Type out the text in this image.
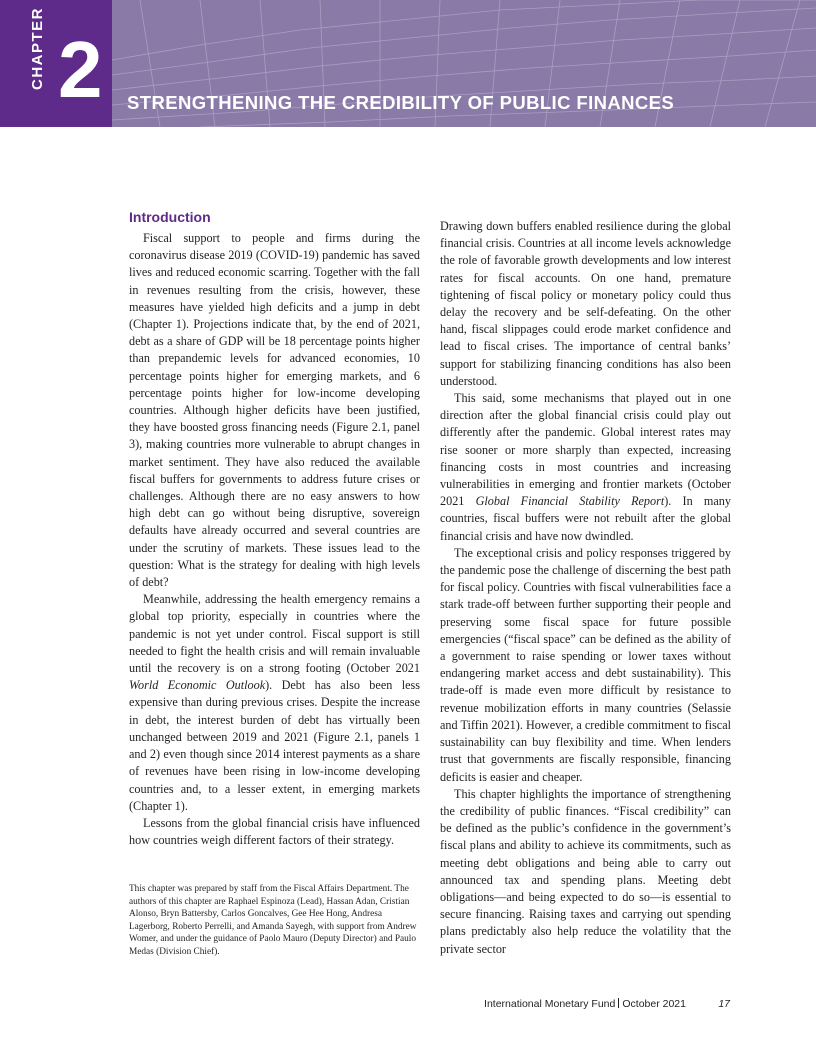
CHAPTER 2 STRENGTHENING THE CREDIBILITY OF PUBLIC FINANCES
Introduction

Fiscal support to people and firms during the coronavirus disease 2019 (COVID-19) pandemic has saved lives and reduced economic scarring. Together with the fall in revenues resulting from the crisis, however, these measures have yielded high deficits and a jump in debt (Chapter 1). Projections indicate that, by the end of 2021, debt as a share of GDP will be 18 percentage points higher than prepandemic levels for advanced economies, 10 percentage points higher for emerging markets, and 6 percentage points higher for low-income developing countries. Although higher deficits have been justified, they have boosted gross financing needs (Figure 2.1, panel 3), making countries more vulnerable to abrupt changes in market sentiment. They have also reduced the available fiscal buffers for governments to address future crises or challenges. Although there are no easy answers to how high debt can go without being disruptive, sovereign defaults have already occurred and several countries are under the scrutiny of markets. These issues lead to the question: What is the strategy for dealing with high levels of debt?

Meanwhile, addressing the health emergency remains a global top priority, especially in countries where the pandemic is not yet under control. Fiscal support is still needed to fight the health crisis and will remain invaluable until the recovery is on a strong footing (October 2021 World Economic Outlook). Debt has also been less expensive than during previous crises. Despite the increase in debt, the interest burden of debt has virtually been unchanged between 2019 and 2021 (Figure 2.1, panels 1 and 2) even though since 2014 interest payments as a share of revenues have been rising in low-income developing countries and, to a lesser extent, in emerging markets (Chapter 1).

Lessons from the global financial crisis have influenced how countries weigh different factors of their strategy.

Drawing down buffers enabled resilience during the global financial crisis. Countries at all income levels acknowledge the role of favorable growth developments and low interest rates for fiscal accounts. On one hand, premature tightening of fiscal policy or monetary policy could thus delay the recovery and be self-defeating. On the other hand, fiscal slippages could erode market confidence and lead to fiscal crises. The importance of central banks’ support for stabilizing financing conditions has also been understood.

This said, some mechanisms that played out in one direction after the global financial crisis could play out differently after the pandemic. Global interest rates may rise sooner or more sharply than expected, increasing financing costs in most countries and increasing vulnerabilities in emerging and frontier markets (October 2021 Global Financial Stability Report). In many countries, fiscal buffers were not rebuilt after the global financial crisis and have now dwindled.

The exceptional crisis and policy responses triggered by the pandemic pose the challenge of discerning the best path for fiscal policy. Countries with fiscal vulnerabilities face a stark trade-off between further supporting their people and preserving some fiscal space for future possible emergencies (“fiscal space” can be defined as the ability of a government to raise spending or lower taxes without endangering market access and debt sustainability). This trade-off is made even more difficult by resistance to revenue mobilization efforts in many countries (Selassie and Tiffin 2021). However, a credible commitment to fiscal sustainability can buy flexibility and time. When lenders trust that governments are fiscally responsible, financing deficits is easier and cheaper.

This chapter highlights the importance of strengthening the credibility of public finances. “Fiscal credibility” can be defined as the public’s confidence in the government’s fiscal plans and ability to achieve its commitments, such as meeting debt obligations and being able to carry out announced tax and spending plans. Meeting debt obligations—and being expected to do so—is essential to secure financing. Raising taxes and carrying out spending plans predictably also help reduce the volatility that the private sector

This chapter was prepared by staff from the Fiscal Affairs Department. The authors of this chapter are Raphael Espinoza (Lead), Hassan Adan, Cristian Alonso, Bryn Battersby, Carlos Goncalves, Gee Hee Hong, Andresa Lagerborg, Roberto Perrelli, and Amanda Sayegh, with support from Andrew Womer, and under the guidance of Paolo Mauro (Deputy Director) and Paulo Medas (Division Chief).
International Monetary Fund October 2021	17
